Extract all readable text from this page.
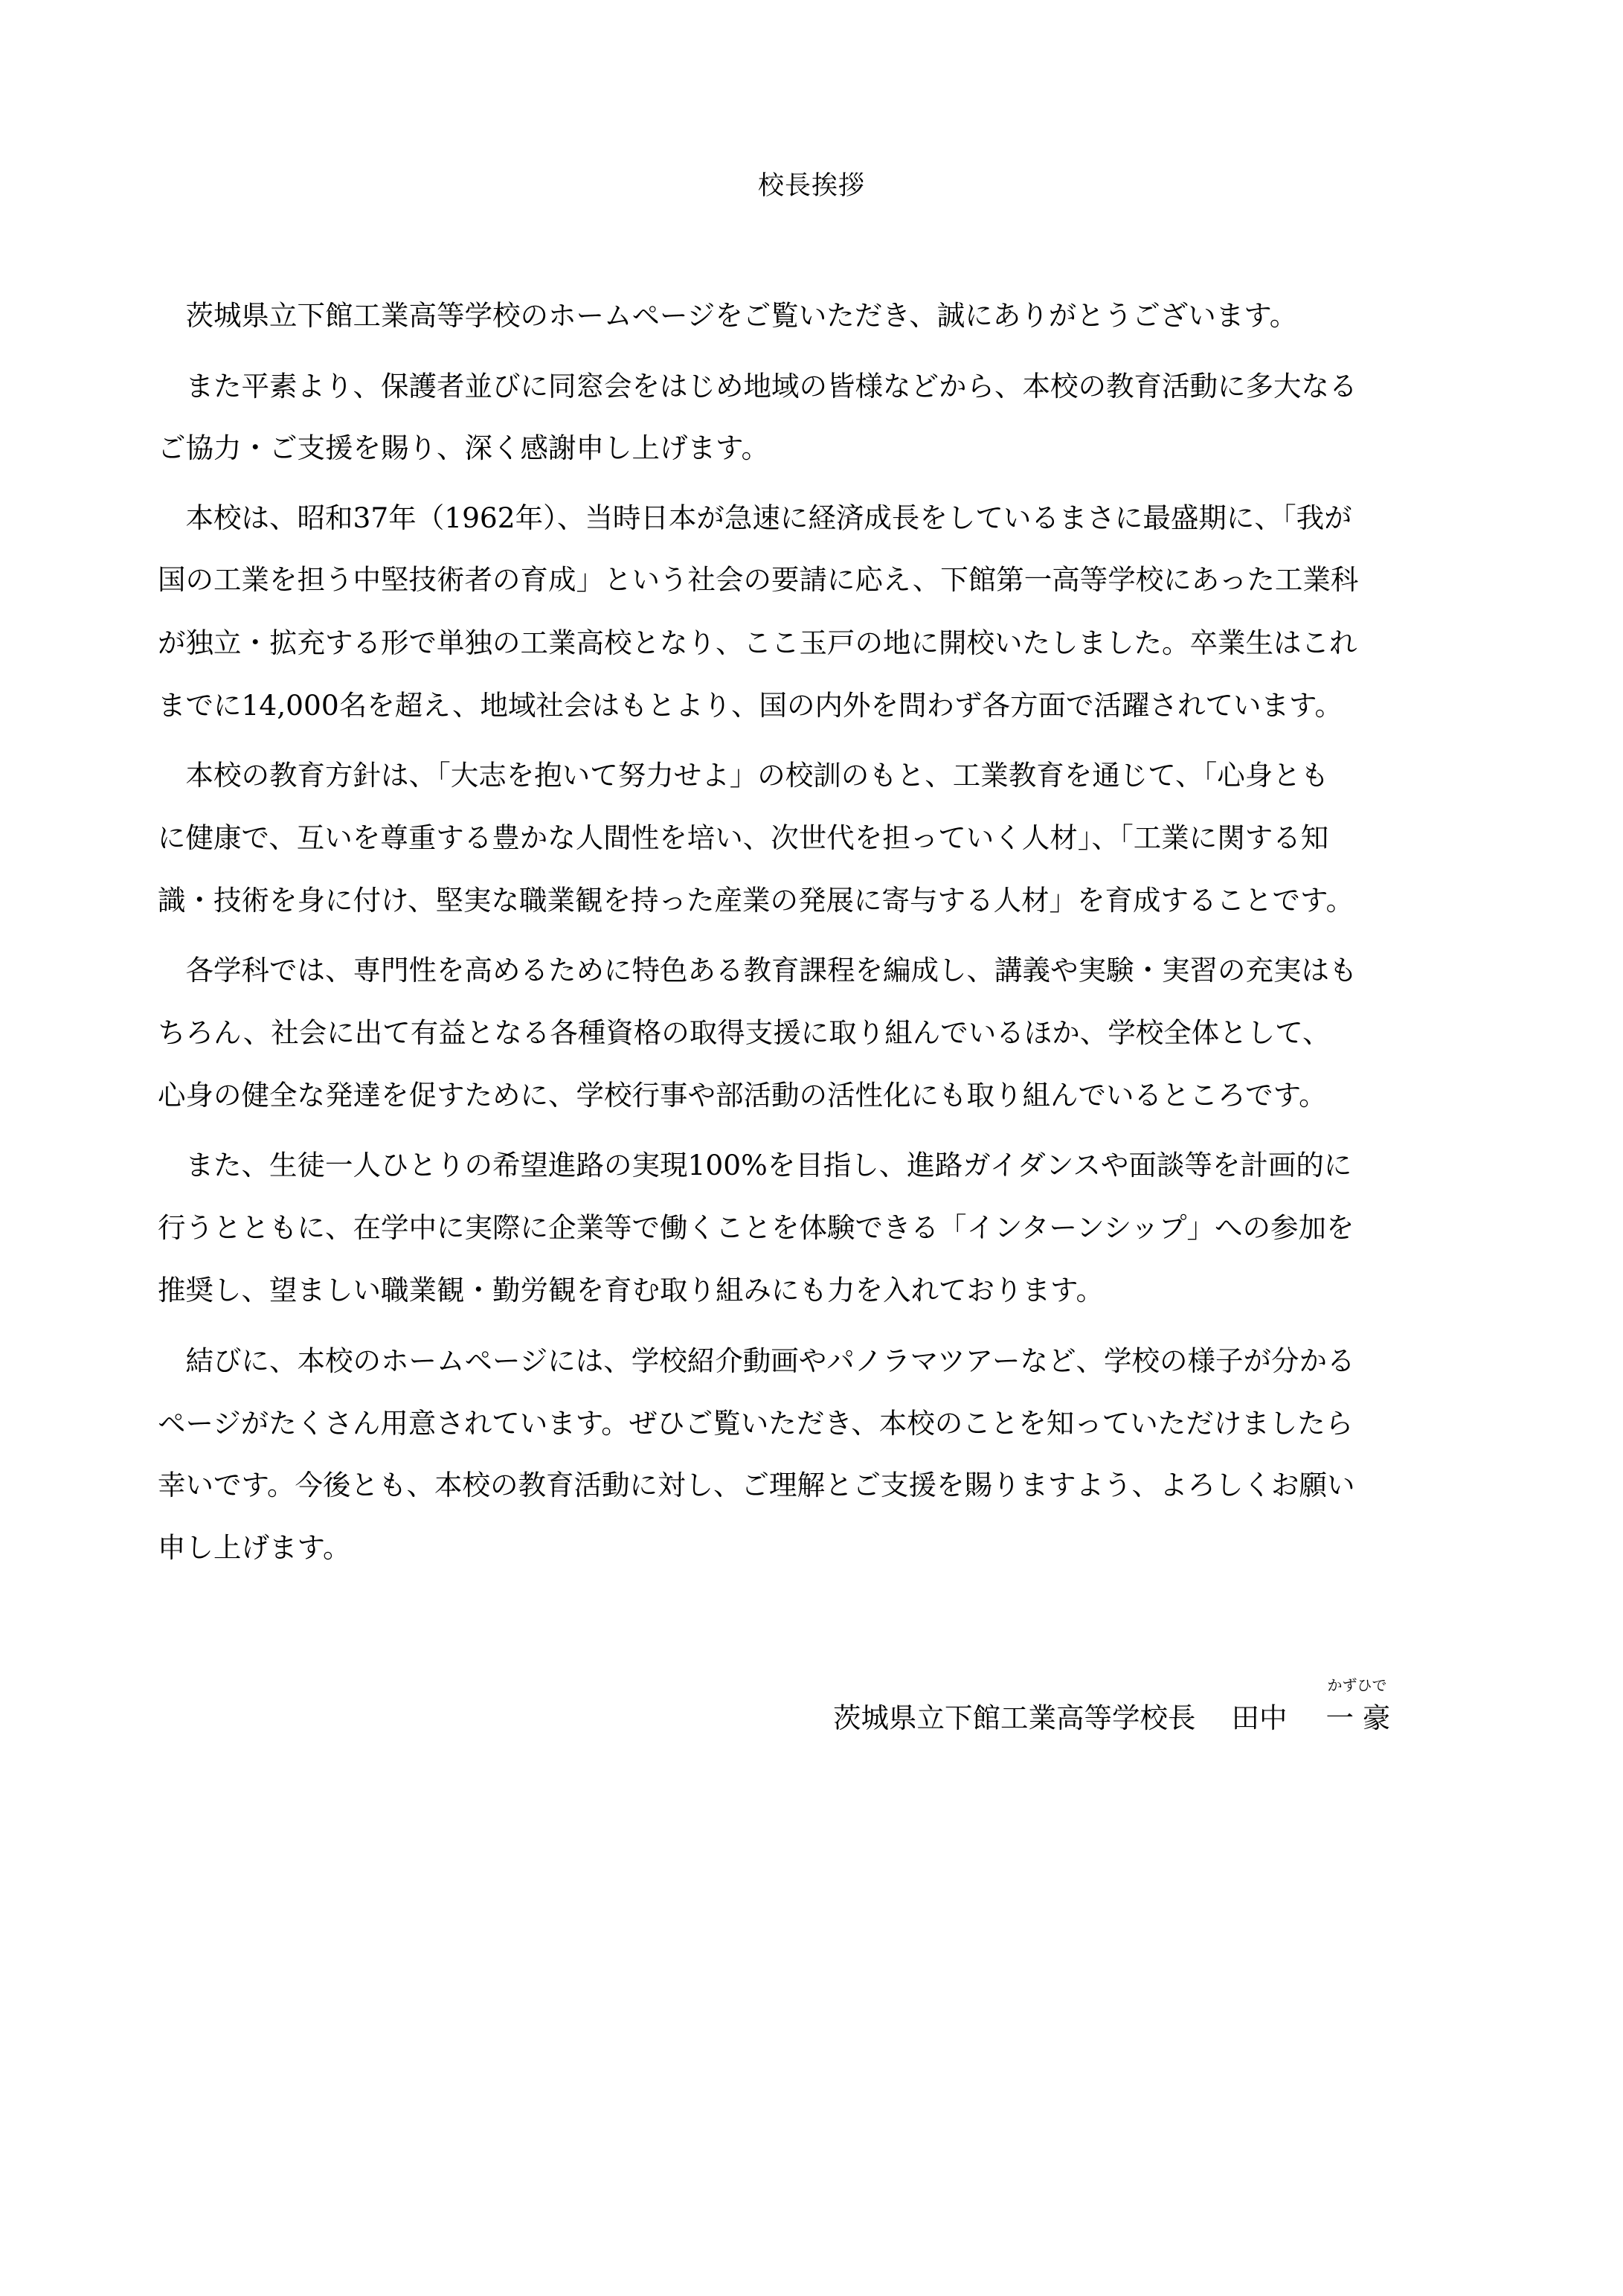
校長挨拶
　茨城県立下館工業高等学校のホームページをご覧いただき、誠にありがとうございます。
　また平素より、保護者並びに同窓会をはじめ地域の皆様などから、本校の教育活動に多大なる
ご協力・ご支援を賜り、深く感謝申し上げます。
　本校は、昭和37年（1962年）、当時日本が急速に経済成長をしているまさに最盛期に、「我が
国の工業を担う中堅技術者の育成」という社会の要請に応え、下館第一高等学校にあった工業科
が独立・拡充する形で単独の工業高校となり、ここ玉戸の地に開校いたしました。卒業生はこれ
までに14,000名を超え、地域社会はもとより、国の内外を問わず各方面で活躍されています。
　本校の教育方針は、「大志を抱いて努力せよ」の校訓のもと、工業教育を通じて、「心身とも
に健康で、互いを尊重する豊かな人間性を培い、次世代を担っていく人材」、「工業に関する知
識・技術を身に付け、堅実な職業観を持った産業の発展に寄与する人材」を育成することです。
　各学科では、専門性を高めるために特色ある教育課程を編成し、講義や実験・実習の充実はも
ちろん、社会に出て有益となる各種資格の取得支援に取り組んでいるほか、学校全体として、
心身の健全な発達を促すために、学校行事や部活動の活性化にも取り組んでいるところです。
　また、生徒一人ひとりの希望進路の実現100%を目指し、進路ガイダンスや面談等を計画的に
行うとともに、在学中に実際に企業等で働くことを体験できる「インターンシップ」への参加を
推奨し、望ましい職業観・勤労観を育む取り組みにも力を入れております。
　結びに、本校のホームページには、学校紹介動画やパノラマツアーなど、学校の様子が分かる
ページがたくさん用意されています。ぜひご覧いただき、本校のことを知っていただけましたら
幸いです。今後とも、本校の教育活動に対し、ご理解とご支援を賜りますよう、よろしくお願い
申し上げます。
茨城県立下館工業高等学校長 田中
かずひで
一 豪
